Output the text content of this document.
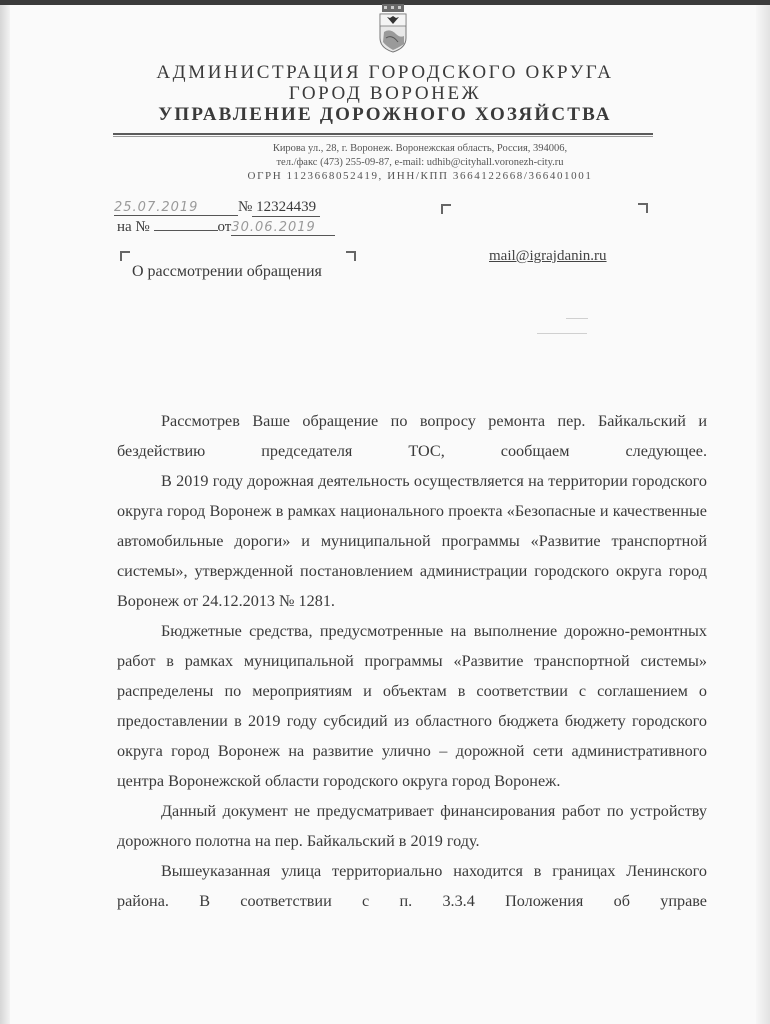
АДМИНИСТРАЦИЯ ГОРОДСКОГО ОКРУГА
ГОРОД ВОРОНЕЖ
УПРАВЛЕНИЕ ДОРОЖНОГО ХОЗЯЙСТВА
Кирова ул., 28, г. Воронеж. Воронежская область, Россия, 394006,
тел./факс (473) 255-09-87, e-mail: udhib@cityhall.voronezh-city.ru
ОГРН 1123668052419, ИНН/КПП 3664122668/366401001
25.07.2019	№ 12324439
на №	от30.06.2019
О рассмотрении обращения
mail@igrajdanin.ru

Рассмотрев Ваше обращение по вопросу ремонта пер. Байкальский и бездействию председателя ТОС, сообщаем следующее.

В 2019 году дорожная деятельность осуществляется на территории городского округа город Воронеж в рамках национального проекта «Безопасные и качественные автомобильные дороги» и муниципальной программы «Развитие транспортной системы», утвержденной постановлением администрации городского округа город Воронеж от 24.12.2013 № 1281.

Бюджетные средства, предусмотренные на выполнение дорожно-ремонтных работ в рамках муниципальной программы «Развитие транспортной системы» распределены по мероприятиям и объектам в соответствии с соглашением о предоставлении в 2019 году субсидий из областного бюджета бюджету городского округа город Воронеж на развитие улично – дорожной сети административного центра Воронежской области городского округа город Воронеж.

Данный документ не предусматривает финансирования работ по устройству дорожного полотна на пер. Байкальский в 2019 году.

Вышеуказанная улица территориально находится в границах Ленинского района. В соответствии с п. 3.3.4 Положения об управе
